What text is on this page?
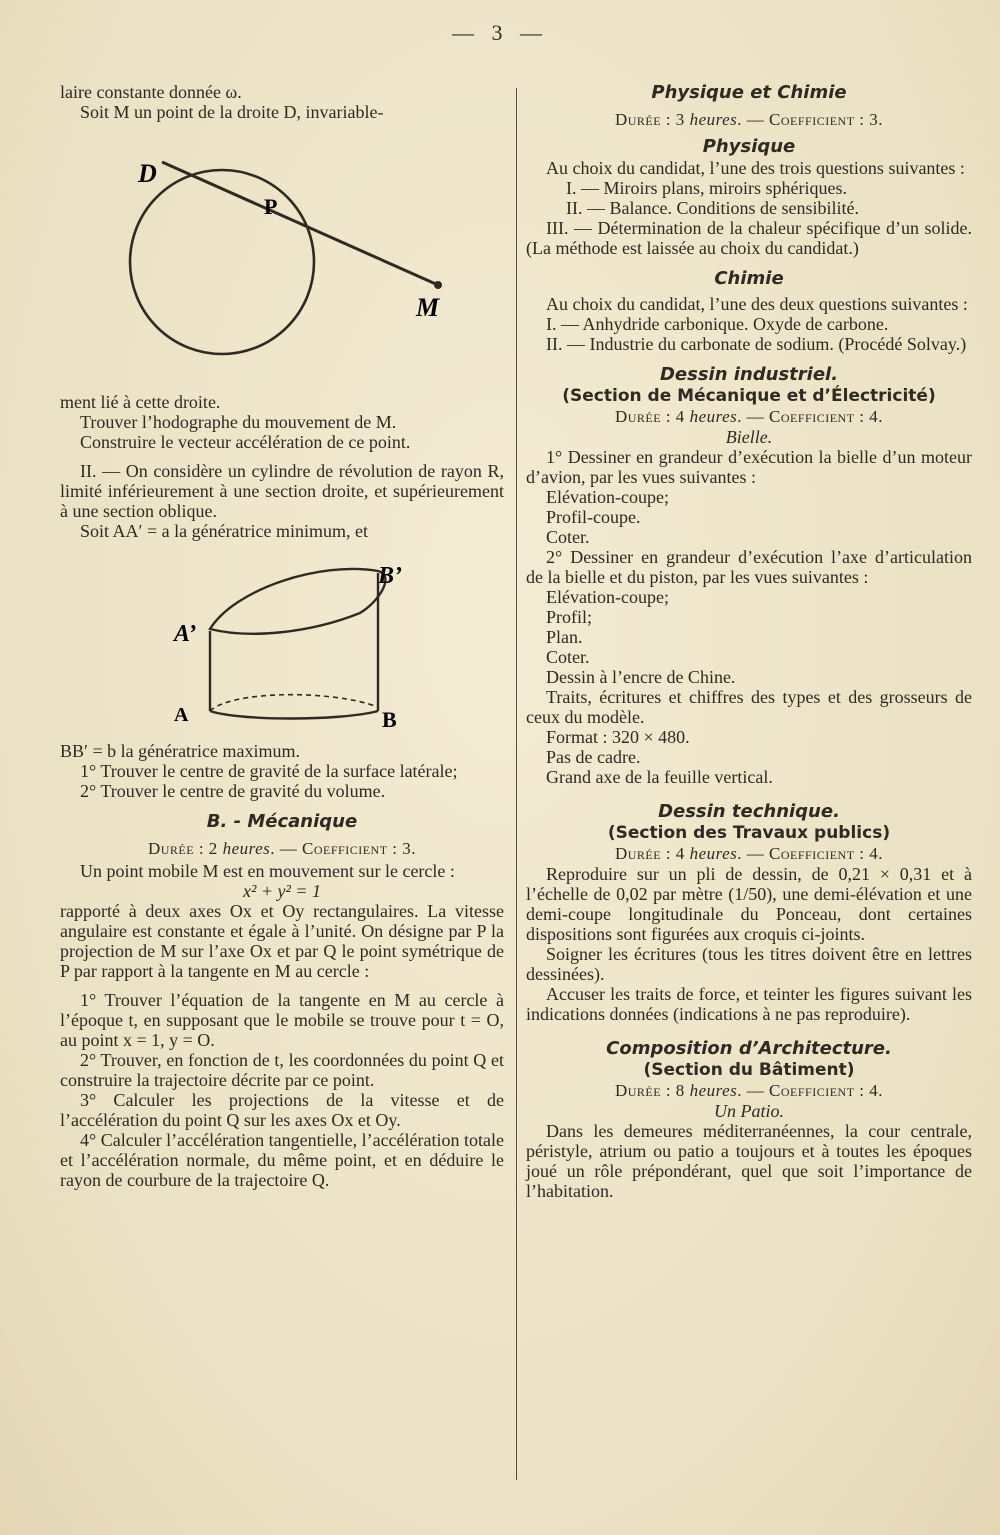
— 3 —

laire constante donnée ω.

Soit M un point de la droite D, invariable-

D
P
M

ment lié à cette droite.

Trouver l’hodographe du mouvement de M.

Construire le vecteur accélération de ce point.

II. — On considère un cylindre de révolution de rayon R, limité inférieurement à une section droite, et supérieurement à une section oblique.

Soit AA′ = a la génératrice minimum, et

B’
A’
A	B

BB′ = b la génératrice maximum.

1° Trouver le centre de gravité de la surface latérale;

2° Trouver le centre de gravité du volume.

B. - Mécanique
Durée : 2 heures. — Coefficient : 3.

Un point mobile M est en mouvement sur le cercle :

x² + y² = 1

rapporté à deux axes Ox et Oy rectangulaires. La vitesse angulaire est constante et égale à l’unité. On désigne par P la projection de M sur l’axe Ox et par Q le point symétrique de P par rapport à la tangente en M au cercle :

1° Trouver l’équation de la tangente en M au cercle à l’époque t, en supposant que le mobile se trouve pour t = O, au point x = 1, y = O.

2° Trouver, en fonction de t, les coordonnées du point Q et construire la trajectoire décrite par ce point.

3° Calculer les projections de la vitesse et de l’accélération du point Q sur les axes Ox et Oy.

4° Calculer l’accélération tangentielle, l’accélération totale et l’accélération normale, du même point, et en déduire le rayon de courbure de la trajectoire Q.

Physique et Chimie
Durée : 3 heures. — Coefficient : 3.
Physique

Au choix du candidat, l’une des trois questions suivantes :

I. — Miroirs plans, miroirs sphériques.

II. — Balance. Conditions de sensibilité.

III. — Détermination de la chaleur spécifique d’un solide. (La méthode est laissée au choix du candidat.)

Chimie

Au choix du candidat, l’une des deux questions suivantes :

I. — Anhydride carbonique. Oxyde de carbone.

II. — Industrie du carbonate de sodium. (Procédé Solvay.)

Dessin industriel.
(Section de Mécanique et d’Électricité)
Durée : 4 heures. — Coefficient : 4.

Bielle.

1° Dessiner en grandeur d’exécution la bielle d’un moteur d’avion, par les vues suivantes :

Elévation-coupe;

Profil-coupe.

Coter.

2° Dessiner en grandeur d’exécution l’axe d’articulation de la bielle et du piston, par les vues suivantes :

Elévation-coupe;

Profil;

Plan.

Coter.

Dessin à l’encre de Chine.

Traits, écritures et chiffres des types et des grosseurs de ceux du modèle.

Format : 320 × 480.

Pas de cadre.

Grand axe de la feuille vertical.

Dessin technique.
(Section des Travaux publics)
Durée : 4 heures. — Coefficient : 4.

Reproduire sur un pli de dessin, de 0,21 × 0,31 et à l’échelle de 0,02 par mètre (1/50), une demi-élévation et une demi-coupe longitudinale du Ponceau, dont certaines dispositions sont figurées aux croquis ci-joints.

Soigner les écritures (tous les titres doivent être en lettres dessinées).

Accuser les traits de force, et teinter les figures suivant les indications données (indications à ne pas reproduire).

Composition d’Architecture.
(Section du Bâtiment)
Durée : 8 heures. — Coefficient : 4.

Un Patio.

Dans les demeures méditerranéennes, la cour centrale, péristyle, atrium ou patio a toujours et à toutes les époques joué un rôle prépondérant, quel que soit l’importance de l’habitation.
